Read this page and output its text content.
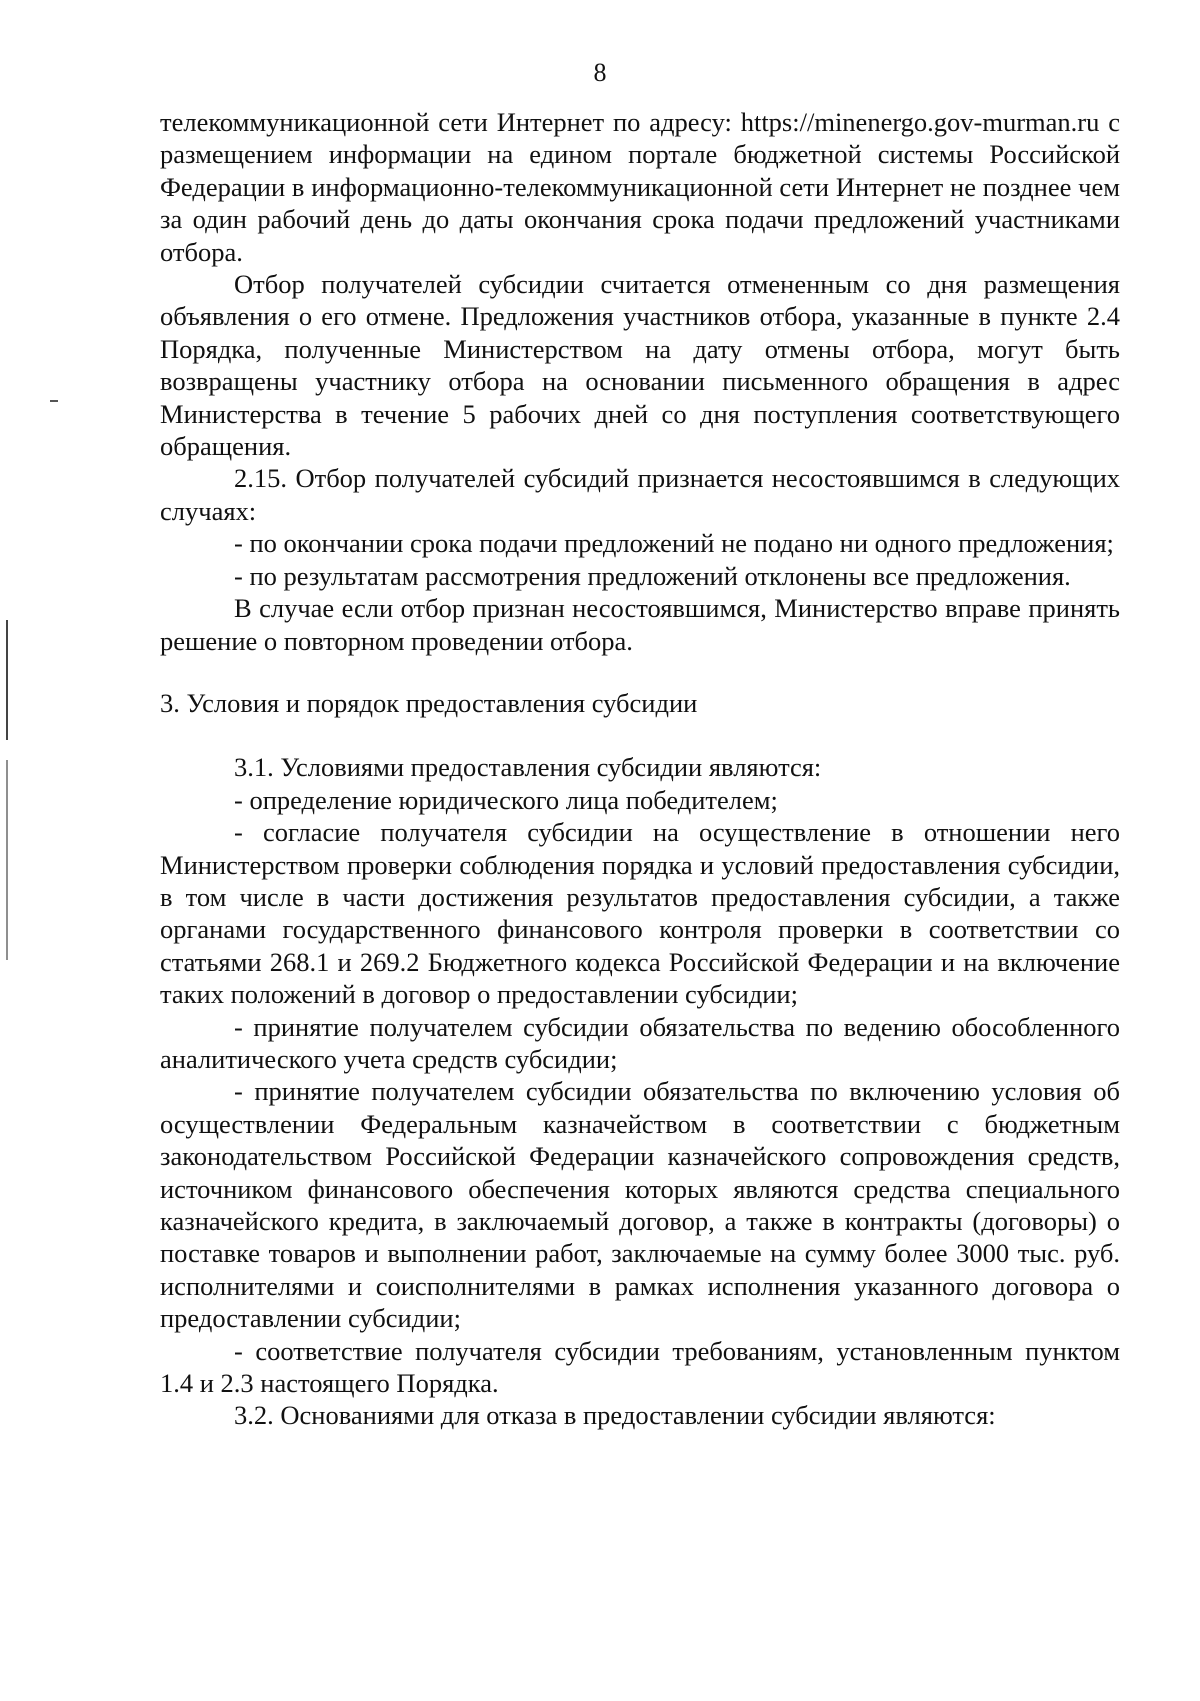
8

телекоммуникационной сети Интернет по адресу: https://minenergo.gov-murman.ru с размещением информации на едином портале бюджетной системы Российской Федерации в информационно-телекоммуникационной сети Интернет не позднее чем за один рабочий день до даты окончания срока подачи предложений участниками отбора.

Отбор получателей субсидии считается отмененным со дня размещения объявления о его отмене. Предложения участников отбора, указанные в пункте 2.4 Порядка, полученные Министерством на дату отмены отбора, могут быть возвращены участнику отбора на основании письменного обращения в адрес Министерства в течение 5 рабочих дней со дня поступления соответствующего обращения.

2.15. Отбор получателей субсидий признается несостоявшимся в следующих случаях:

- по окончании срока подачи предложений не подано ни одного предложения;

- по результатам рассмотрения предложений отклонены все предложения.

В случае если отбор признан несостоявшимся, Министерство вправе принять решение о повторном проведении отбора.

3. Условия и порядок предоставления субсидии

3.1. Условиями предоставления субсидии являются:

- определение юридического лица победителем;

- согласие получателя субсидии на осуществление в отношении него Министерством проверки соблюдения порядка и условий предоставления субсидии, в том числе в части достижения результатов предоставления субсидии, а также органами государственного финансового контроля проверки в соответствии со статьями 268.1 и 269.2 Бюджетного кодекса Российской Федерации и на включение таких положений в договор о предоставлении субсидии;

- принятие получателем субсидии обязательства по ведению обособленного аналитического учета средств субсидии;

- принятие получателем субсидии обязательства по включению условия об осуществлении Федеральным казначейством в соответствии с бюджетным законодательством Российской Федерации казначейского сопровождения средств, источником финансового обеспечения которых являются средства специального казначейского кредита, в заключаемый договор, а также в контракты (договоры) о поставке товаров и выполнении работ, заключаемые на сумму более 3000 тыс. руб. исполнителями и соисполнителями в рамках исполнения указанного договора о предоставлении субсидии;

- соответствие получателя субсидии требованиям, установленным пунктом 1.4 и 2.3 настоящего Порядка.

3.2. Основаниями для отказа в предоставлении субсидии являются:
